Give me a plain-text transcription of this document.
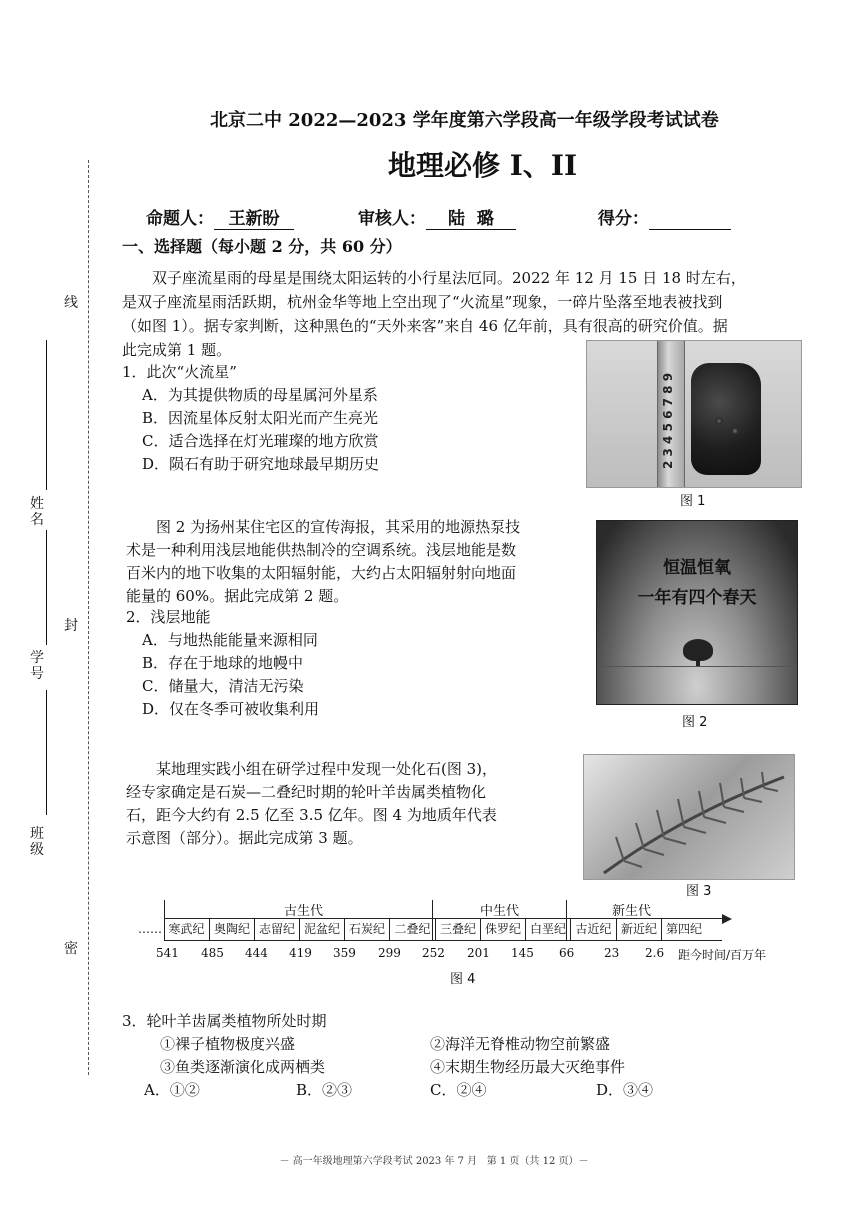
线
封
密
姓名
学号
班级
北京二中 2022—2023 学年度第六学段高一年级学段考试试卷
地理必修 I、II
命题人： 王新盼	审核人： 陆  璐	得分：
一、选择题（每小题 2 分，共 60 分）
双子座流星雨的母星是围绕太阳运转的小行星法厄同。2022 年 12 月 15 日 18 时左右，
是双子座流星雨活跃期，杭州金华等地上空出现了“火流星”现象，一碎片坠落至地表被找到
（如图 1）。据专家判断，这种黑色的“天外来客”来自 46 亿年前，具有很高的研究价值。据
此完成第 1 题。
1．此次“火流星”
A．为其提供物质的母星属河外星系
B．因流星体反射太阳光而产生亮光
C．适合选择在灯光璀璨的地方欣赏
D．陨石有助于研究地球最早期历史	2 3 4 5 6 7 8 9
图 1
图 2 为扬州某住宅区的宣传海报，其采用的地源热泵技
术是一种利用浅层地能供热制冷的空调系统。浅层地能是数
百米内的地下收集的太阳辐射能，大约占太阳辐射射向地面
能量的 60%。据此完成第 2 题。
2．浅层地能
A．与地热能能量来源相同
B．存在于地球的地幔中
C．储量大，清洁无污染
D．仅在冬季可被收集利用
恒温恒氧
一年有四个春天
图 2
某地理实践小组在研学过程中发现一处化石(图 3)，
经专家确定是石炭—二叠纪时期的轮叶羊齿属类植物化
石，距今大约有 2.5 亿至 3.5 亿年。图 4 为地质年代表
示意图（部分）。据此完成第 3 题。
图 3
古生代	中生代	新生代
…… 寒武纪 奥陶纪 志留纪 泥盆纪 石炭纪 二叠纪 三叠纪 侏罗纪 白垩纪 古近纪 新近纪 第四纪
541 485 444 419 359 299 252 201 145 66 23 2.6 距今时间/百万年
图 4
3．轮叶羊齿属类植物所处时期
①裸子植物极度兴盛	②海洋无脊椎动物空前繁盛
③鱼类逐渐演化成两栖类	④末期生物经历最大灭绝事件
A．①②	B．②③	C．②④	D．③④
－ 高一年级地理第六学段考试 2023 年 7 月   第 1 页（共 12 页）－
